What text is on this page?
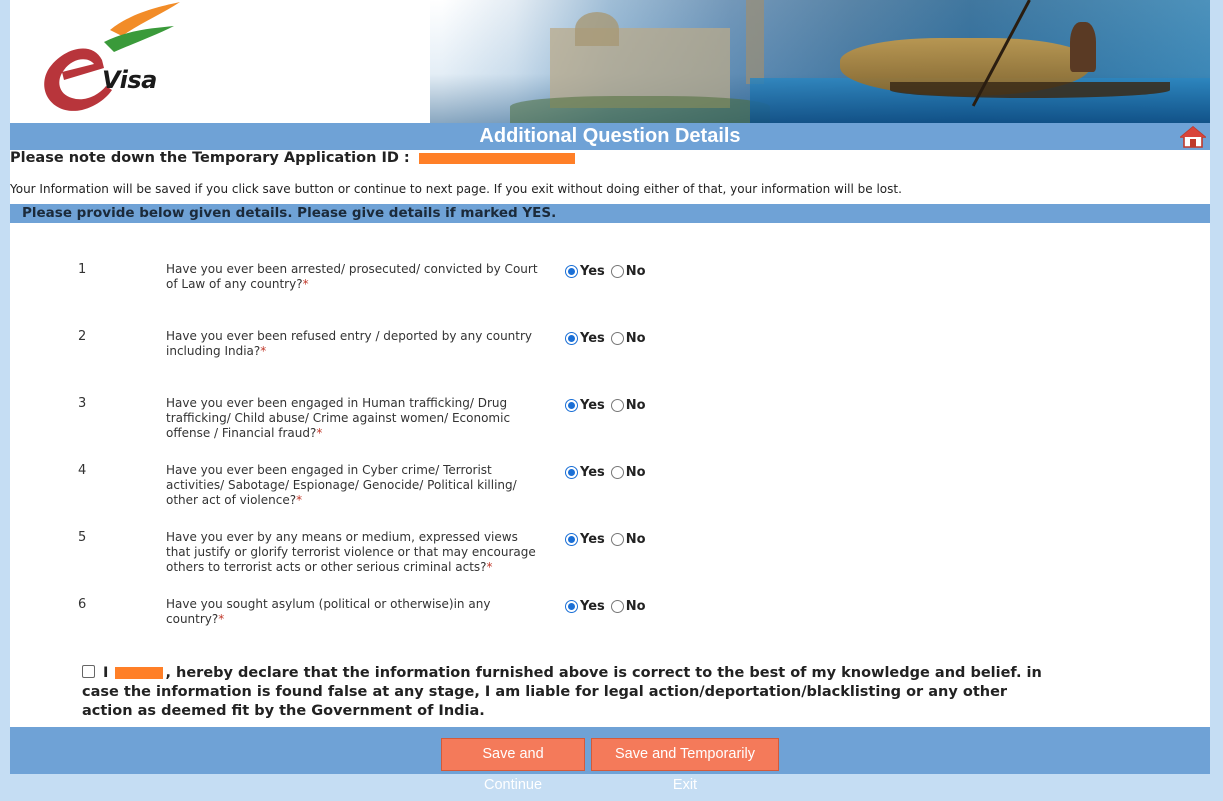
Visa
Additional Question Details
Please note down the Temporary Application ID :
Your Information will be saved if you click save button or continue to next page. If you exit without doing either of that, your information will be lost.
Please provide below given details. Please give details if marked YES.
1	Have you ever been arrested/ prosecuted/ convicted by Court of Law of any country?*
Yes No
2	Have you ever been refused entry / deported by any country including India?*
Yes No
3	Have you ever been engaged in Human trafficking/ Drug trafficking/ Child abuse/ Crime against women/ Economic offense / Financial fraud?*
Yes No
4	Have you ever been engaged in Cyber crime/ Terrorist activities/ Sabotage/ Espionage/ Genocide/ Political killing/ other act of violence?*
Yes No
5	Have you ever by any means or medium, expressed views that justify or glorify terrorist violence or that may encourage others to terrorist acts or other serious criminal acts?*
Yes No
6	Have you sought asylum (political or otherwise)in any country?*
Yes No
I	, hereby declare that the information furnished above is correct to the best of my knowledge and belief. in case the information is found false at any stage, I am liable for legal action/deportation/blacklisting or any other action as deemed fit by the Government of India.
Save and Continue
Save and Temporarily Exit
